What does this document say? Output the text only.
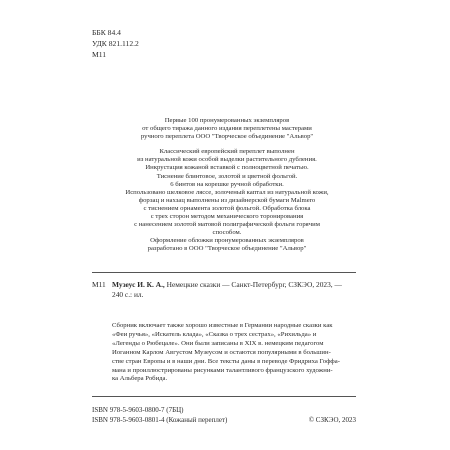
ББК 84.4
УДК 821.112.2
М11

Первые 100 пронумерованных экземпляров

от общего тиража данного издания переплетены мастерами

ручного переплета ООО "Творческое объединение "Альвор"

Классический европейский переплет выполнен

из натуральной кожи особой выделки растительного дубления.

Инкрустация кожаной вставкой с полноцветной печатью.

Тиснение блинтовое, золотой и цветной фольгой.

6 бинтов на корешке ручной обработки.

Использовано шелковое ляссе, золоченый каптал из натуральной кожи,

форзац и нахзац выполнены из дизайнерской бумаги Malmero

с тиснением орнамента золотой фольгой. Обработка блока

с трех сторон методом механического торонирования

с нанесением золотой матовой полиграфической фольги горячим способом.

Оформление обложки пронумерованных экземпляров

разработано в ООО "Творческое объединение "Альвор"

М11 Музеус И. К. А., Немецкие сказки — Санкт-Петербург, СЗКЭО, 2023, —
240 с.: ил.
Сборник включает также хорошо известные в Германии народные сказки как
«Феи ручья», «Искатель клада», «Сказка о трех сестрах», «Рихильда» и
«Легенды о Рюбецале». Они были записаны в XIX в. немецким педагогом
Иоганном Карлом Августом Музеусом и остаются популярными в большин-
стве стран Европы и в наши дни. Все тексты даны в переводе Фридриха Гоффа-
мана и проиллюстрированы рисунками талантливого французского художни-
ка Альбера Робида.
ISBN 978-5-9603-0800-7 (7БЦ)
ISBN 978-5-9603-0801-4 (Кожаный переплет)	© СЗКЭО, 2023
